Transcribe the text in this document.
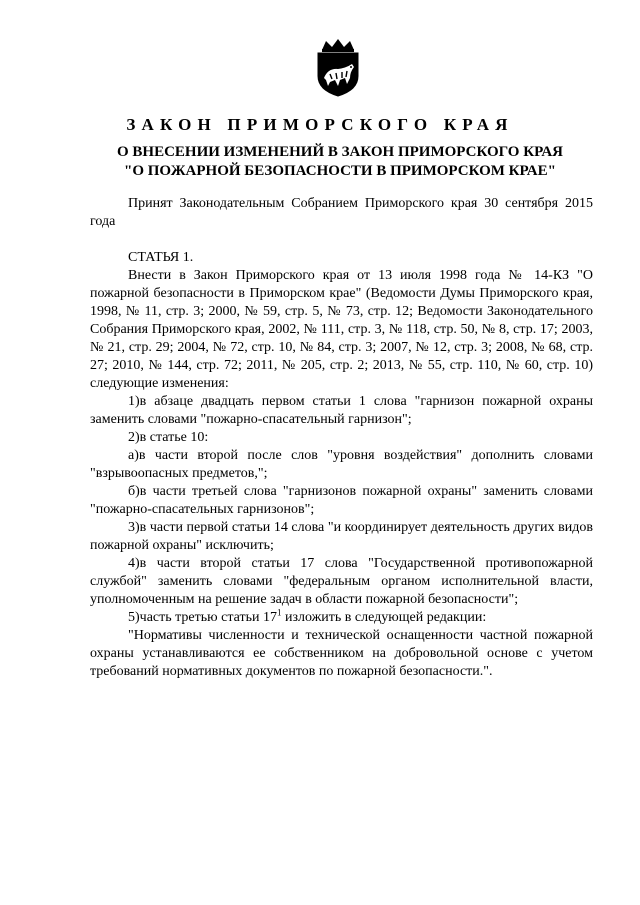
ЗАКОН ПРИМОРСКОГО КРАЯ
О ВНЕСЕНИИ ИЗМЕНЕНИЙ В ЗАКОН ПРИМОРСКОГО КРАЯ
"О ПОЖАРНОЙ БЕЗОПАСНОСТИ В ПРИМОРСКОМ КРАЕ"

Принят Законодательным Собранием Приморского края 30 сентября 2015 года

СТАТЬЯ 1.

Внести в Закон Приморского края от 13 июля 1998 года № 14-КЗ "О пожарной безопасности в Приморском крае" (Ведомости Думы Приморского края, 1998, № 11, стр. 3; 2000, № 59, стр. 5, № 73, стр. 12; Ведомости Законодательного Собрания Приморского края, 2002, № 111, стр. 3, № 118, стр. 50, № 8, стр. 17; 2003, № 21, стр. 29; 2004, № 72, стр. 10, № 84, стр. 3; 2007, № 12, стр. 3; 2008, № 68, стр. 27; 2010, № 144, стр. 72; 2011, № 205, стр. 2; 2013, № 55, стр. 110, № 60, стр. 10) следующие изменения:

1)в абзаце двадцать первом статьи 1 слова "гарнизон пожарной охраны заменить словами "пожарно-спасательный гарнизон";

2)в статье 10:

а)в части второй после слов "уровня воздействия" дополнить словами "взрывоопасных предметов,";

б)в части третьей слова "гарнизонов пожарной охраны" заменить словами "пожарно-спасательных гарнизонов";

3)в части первой статьи 14 слова "и координирует деятельность других видов пожарной охраны" исключить;

4)в части второй статьи 17 слова "Государственной противопожарной службой" заменить словами "федеральным органом исполнительной власти, уполномоченным на решение задач в области пожарной безопасности";

5)часть третью статьи $17^1$ изложить в следующей редакции:

"Нормативы численности и технической оснащенности частной пожарной охраны устанавливаются ее собственником на добровольной основе с учетом требований нормативных документов по пожарной безопасности.".
